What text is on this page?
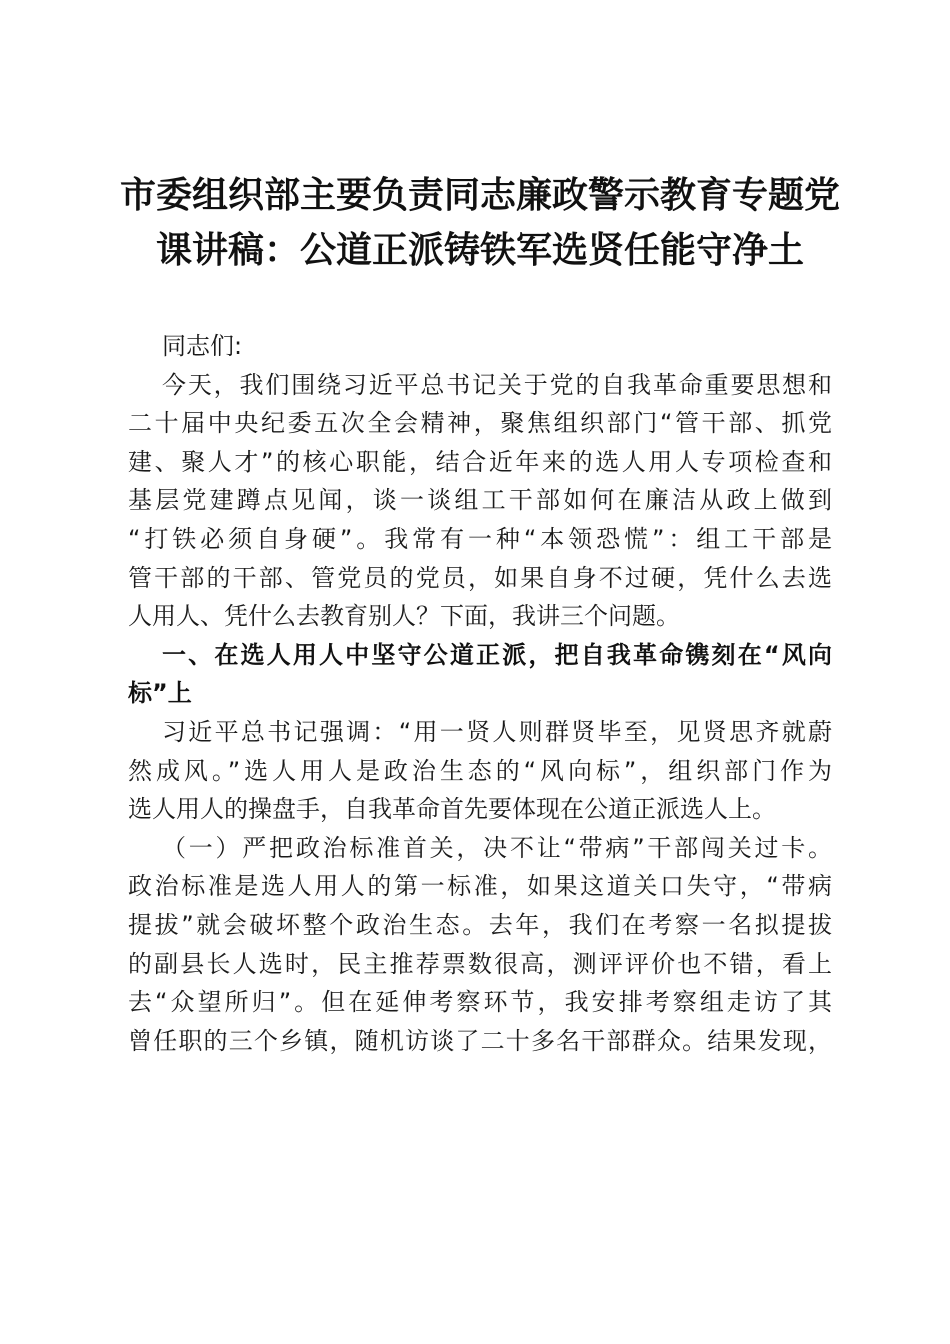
市委组织部主要负责同志廉政警示教育专题党
课讲稿：公道正派铸铁军选贤任能守净土
同志们:
今天，我们围绕习近平总书记关于党的自我革命重要思想和
二十届中央纪委五次全会精神，聚焦组织部门“管干部、抓党
建、聚人才”的核心职能，结合近年来的选人用人专项检查和
基层党建蹲点见闻，谈一谈组工干部如何在廉洁从政上做到
“打铁必须自身硬”。我常有一种“本领恐慌”：组工干部是
管干部的干部、管党员的党员，如果自身不过硬，凭什么去选
人用人、凭什么去教育别人？下面，我讲三个问题。
一、在选人用人中坚守公道正派，把自我革命镌刻在“风向
标”上
习近平总书记强调：“用一贤人则群贤毕至，见贤思齐就蔚
然成风。”选人用人是政治生态的“风向标”，组织部门作为
选人用人的操盘手，自我革命首先要体现在公道正派选人上。
（一）严把政治标准首关，决不让“带病”干部闯关过卡。
政治标准是选人用人的第一标准，如果这道关口失守，“带病
提拔”就会破坏整个政治生态。去年，我们在考察一名拟提拔
的副县长人选时，民主推荐票数很高，测评评价也不错，看上
去“众望所归”。但在延伸考察环节，我安排考察组走访了其
曾任职的三个乡镇，随机访谈了二十多名干部群众。结果发现，
